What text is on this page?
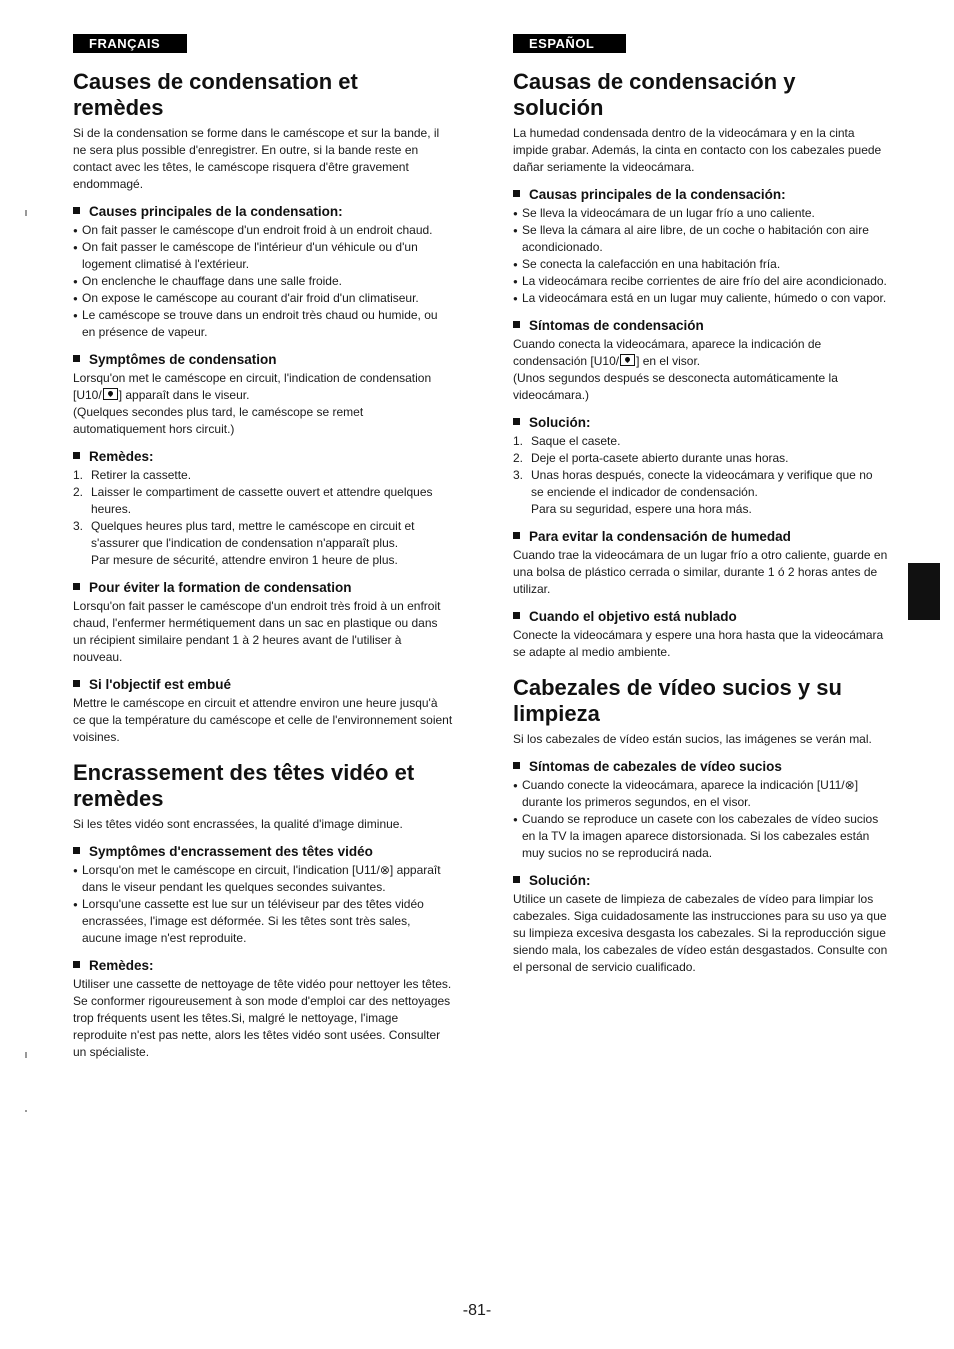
FRANÇAIS
Causes de condensation et remèdes

Si de la condensation se forme dans le caméscope et sur la bande, il ne sera plus possible d'enregistrer. En outre, si la bande reste en contact avec les têtes, le caméscope risquera d'être gravement endommagé.

Causes principales de la condensation:
● On fait passer le caméscope d'un endroit froid à un endroit chaud.
● On fait passer le caméscope de l'intérieur d'un véhicule ou d'un logement climatisé à l'extérieur.
● On enclenche le chauffage dans une salle froide.
● On expose le caméscope au courant d'air froid d'un climatiseur.
● Le caméscope se trouve dans un endroit très chaud ou humide, ou en présence de vapeur.
Symptômes de condensation

Lorsqu'on met le caméscope en circuit, l'indication de condensation [U10/ ] apparaît dans le viseur.
(Quelques secondes plus tard, le caméscope se remet automatiquement hors circuit.)

Remèdes:
1. Retirer la cassette.
2. Laisser le compartiment de cassette ouvert et attendre quelques heures.
3. Quelques heures plus tard, mettre le caméscope en circuit et s'assurer que l'indication de condensation n'apparaît plus.
Par mesure de sécurité, attendre environ 1 heure de plus.
Pour éviter la formation de condensation

Lorsqu'on fait passer le caméscope d'un endroit très froid à un enfroit chaud, l'enfermer hermétiquement dans un sac en plastique ou dans un récipient similaire pendant 1 à 2 heures avant de l'utiliser à nouveau.

Si l'objectif est embué

Mettre le caméscope en circuit et attendre environ une heure jusqu'à ce que la température du caméscope et celle de l'environnement soient voisines.

Encrassement des têtes vidéo et remèdes

Si les têtes vidéo sont encrassées, la qualité d'image diminue.

Symptômes d'encrassement des têtes vidéo
● Lorsqu'on met le caméscope en circuit, l'indication [U11/⊗] apparaît dans le viseur pendant les quelques secondes suivantes.
● Lorsqu'une cassette est lue sur un téléviseur par des têtes vidéo encrassées, l'image est déformée. Si les têtes sont très sales, aucune image n'est reproduite.
Remèdes:

Utiliser une cassette de nettoyage de tête vidéo pour nettoyer les têtes. Se conformer rigoureusement à son mode d'emploi car des nettoyages trop fréquents usent les têtes.Si, malgré le nettoyage, l'image reproduite n'est pas nette, alors les têtes vidéo sont usées. Consulter un spécialiste.

ESPAÑOL
Causas de condensación y solución

La humedad condensada dentro de la videocámara y en la cinta impide grabar. Además, la cinta en contacto con los cabezales puede dañar seriamente la videocámara.

Causas principales de la condensación:
● Se lleva la videocámara de un lugar frío a uno caliente.
● Se lleva la cámara al aire libre, de un coche o habitación con aire acondicionado.
● Se conecta la calefacción en una habitación fría.
● La videocámara recibe corrientes de aire frío del aire acondicionado.
● La videocámara está en un lugar muy caliente, húmedo o con vapor.
Síntomas de condensación

Cuando conecta la videocámara, aparece la indicación de condensación [U10/ ] en el visor.
(Unos segundos después se desconecta automáticamente la videocámara.)

Solución:
1. Saque el casete.
2. Deje el porta-casete abierto durante unas horas.
3. Unas horas después, conecte la videocámara y verifique que no se enciende el indicador de condensación.
Para su seguridad, espere una hora más.
Para evitar la condensación de humedad

Cuando trae la videocámara de un lugar frío a otro caliente, guarde en una bolsa de plástico cerrada o similar, durante 1 ó 2 horas antes de utilizar.

Cuando el objetivo está nublado

Conecte la videocámara y espere una hora hasta que la videocámara se adapte al medio ambiente.

Cabezales de vídeo sucios y su limpieza

Si los cabezales de vídeo están sucios, las imágenes se verán mal.

Síntomas de cabezales de vídeo sucios
● Cuando conecte la videocámara, aparece la indicación [U11/⊗] durante los primeros segundos, en el visor.
● Cuando se reproduce un casete con los cabezales de vídeo sucios en la TV la imagen aparece distorsionada. Si los cabezales están muy sucios no se reproducirá nada.
Solución:

Utilice un casete de limpieza de cabezales de vídeo para limpiar los cabezales. Siga cuidadosamente las instrucciones para su uso ya que su limpieza excesiva desgasta los cabezales. Si la reproducción sigue siendo mala, los cabezales de vídeo están desgastados. Consulte con el personal de servicio cualificado.

-81-
